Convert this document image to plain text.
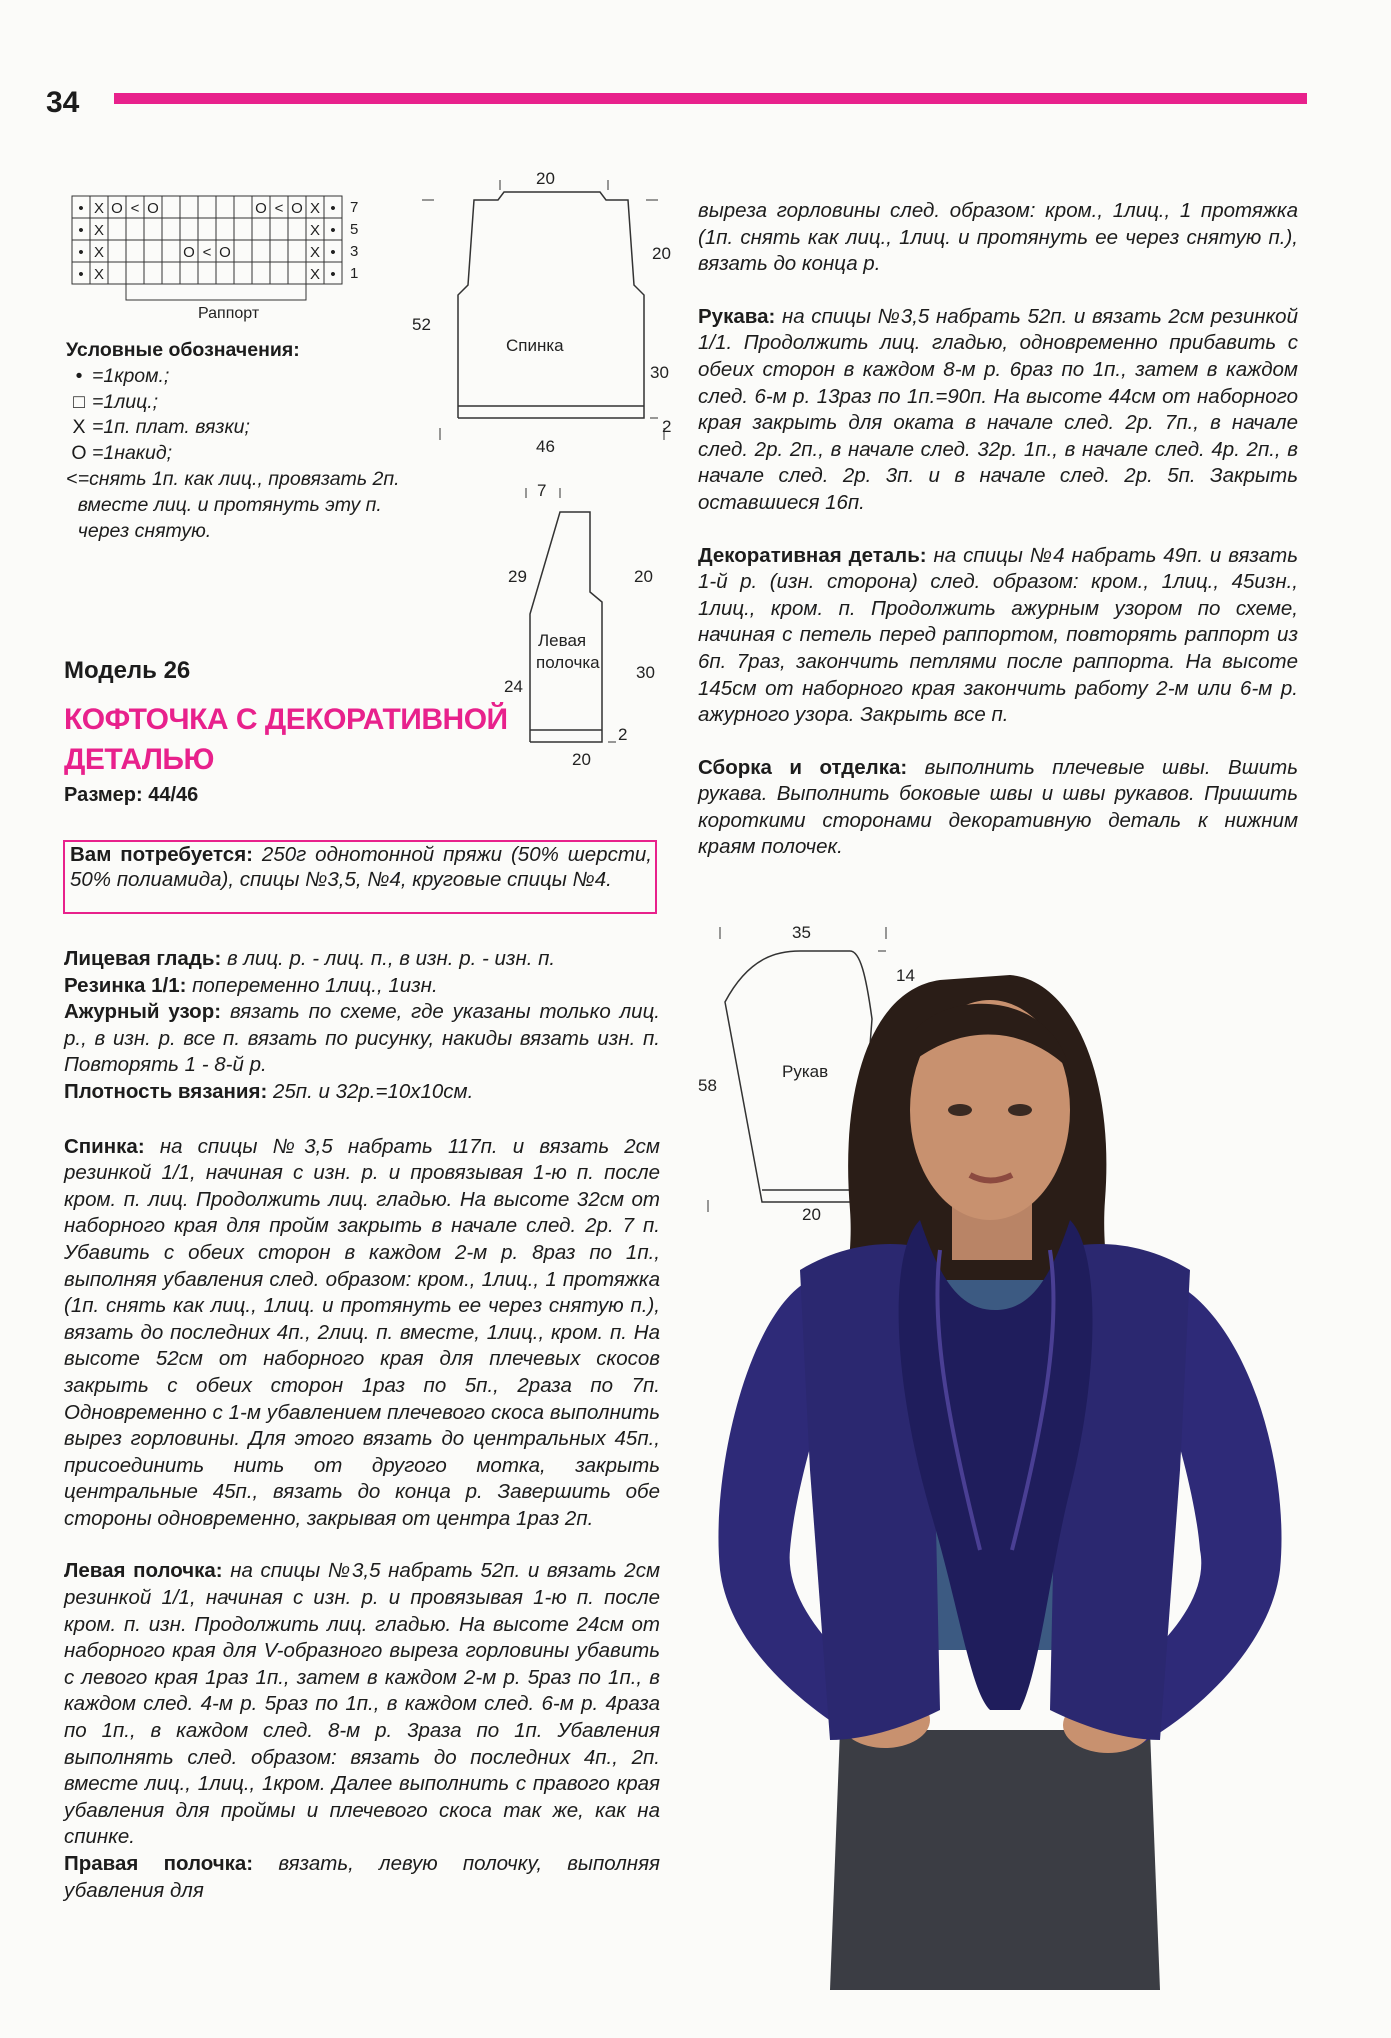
34
•
•
•
•
•
•
•
•
X
X
X
X
X
X
X
X
O < O	O < O
O < O
7
5
3
1
Раппорт
Условные обозначения:
• =1кром.;
□ =1лиц.;
X =1п. плат. вязки;
O =1накид;
< =снять 1п. как лиц., провязать 2п. вместе лиц. и протянуть эту п. через снятую.
20
20
52
30
2
46
Спинка
7
29	20
24
30
2
20
Левая
полочка
35
14
58
20
Рукав
Модель 26
КОФТОЧКА С ДЕКОРАТИВНОЙ ДЕТАЛЬЮ
Размер: 44/46
Вам потребуется: 250г однотонной пряжи (50% шерсти, 50% полиамида), спицы №3,5, №4, круговые спицы №4.

Лицевая гладь: в лиц. р. - лиц. п., в изн. р. - изн. п.
Резинка 1/1: попеременно 1лиц., 1изн.
Ажурный узор: вязать по схеме, где указаны только лиц. р., в изн. р. все п. вязать по рисунку, накиды вязать изн. п. Повторять 1 - 8-й р.
Плотность вязания: 25п. и 32р.=10х10см.

Спинка: на спицы №3,5 набрать 117п. и вязать 2см резинкой 1/1, начиная с изн. р. и провязывая 1-ю п. после кром. п. лиц. Продолжить лиц. гладью. На высоте 32см от наборного края для пройм закрыть в начале след. 2р. 7 п. Убавить с обеих сторон в каждом 2-м р. 8раз по 1п., выполняя убавления след. образом: кром., 1лиц., 1 протяжка (1п. снять как лиц., 1лиц. и протянуть ее через снятую п.), вязать до последних 4п., 2лиц. п. вместе, 1лиц., кром. п. На высоте 52см от наборного края для плечевых скосов закрыть с обеих сторон 1раз по 5п., 2раза по 7п. Одновременно с 1-м убавлением плечевого скоса выполнить вырез горловины. Для этого вязать до центральных 45п., присоединить нить от другого мотка, закрыть центральные 45п., вязать до конца р. Завершить обе стороны одновременно, закрывая от центра 1раз 2п.

Левая полочка: на спицы №3,5 набрать 52п. и вязать 2см резинкой 1/1, начиная с изн. р. и провязывая 1-ю п. после кром. п. изн. Продолжить лиц. гладью. На высоте 24см от наборного края для V-образного выреза горловины убавить с левого края 1раз 1п., затем в каждом 2-м р. 5раз по 1п., в каждом след. 4-м р. 5раз по 1п., в каждом след. 6-м р. 4раза по 1п., в каждом след. 8-м р. 3раза по 1п. Убавления выполнять след. образом: вязать до последних 4п., 2п. вместе лиц., 1лиц., 1кром. Далее выполнить с правого края убавления для проймы и плечевого скоса так же, как на спинке.

Правая полочка: вязать, левую полочку, выполняя убавления для

выреза горловины след. образом: кром., 1лиц., 1 протяжка (1п. снять как лиц., 1лиц. и протянуть ее через снятую п.), вязать до конца р.

Рукава: на спицы №3,5 набрать 52п. и вязать 2см резинкой 1/1. Продолжить лиц. гладью, одновременно прибавить с обеих сторон в каждом 8-м р. 6раз по 1п., затем в каждом след. 6-м р. 13раз по 1п.=90п. На высоте 44см от наборного края закрыть для оката в начале след. 2р. 7п., в начале след. 2р. 2п., в начале след. 32р. 1п., в начале след. 4р. 2п., в начале след. 2р. 3п. и в начале след. 2р. 5п. Закрыть оставшиеся 16п.

Декоративная деталь: на спицы №4 набрать 49п. и вязать 1-й р. (изн. сторона) след. образом: кром., 1лиц., 45изн., 1лиц., кром. п. Продолжить ажурным узором по схеме, начиная с петель перед раппортом, повторять раппорт из 6п. 7раз, закончить петлями после раппорта. На высоте 145см от наборного края закончить работу 2-м или 6-м р. ажурного узора. Закрыть все п.

Сборка и отделка: выполнить плечевые швы. Вшить рукава. Выполнить боковые швы и швы рукавов. Пришить короткими сторонами декоративную деталь к нижним краям полочек.
